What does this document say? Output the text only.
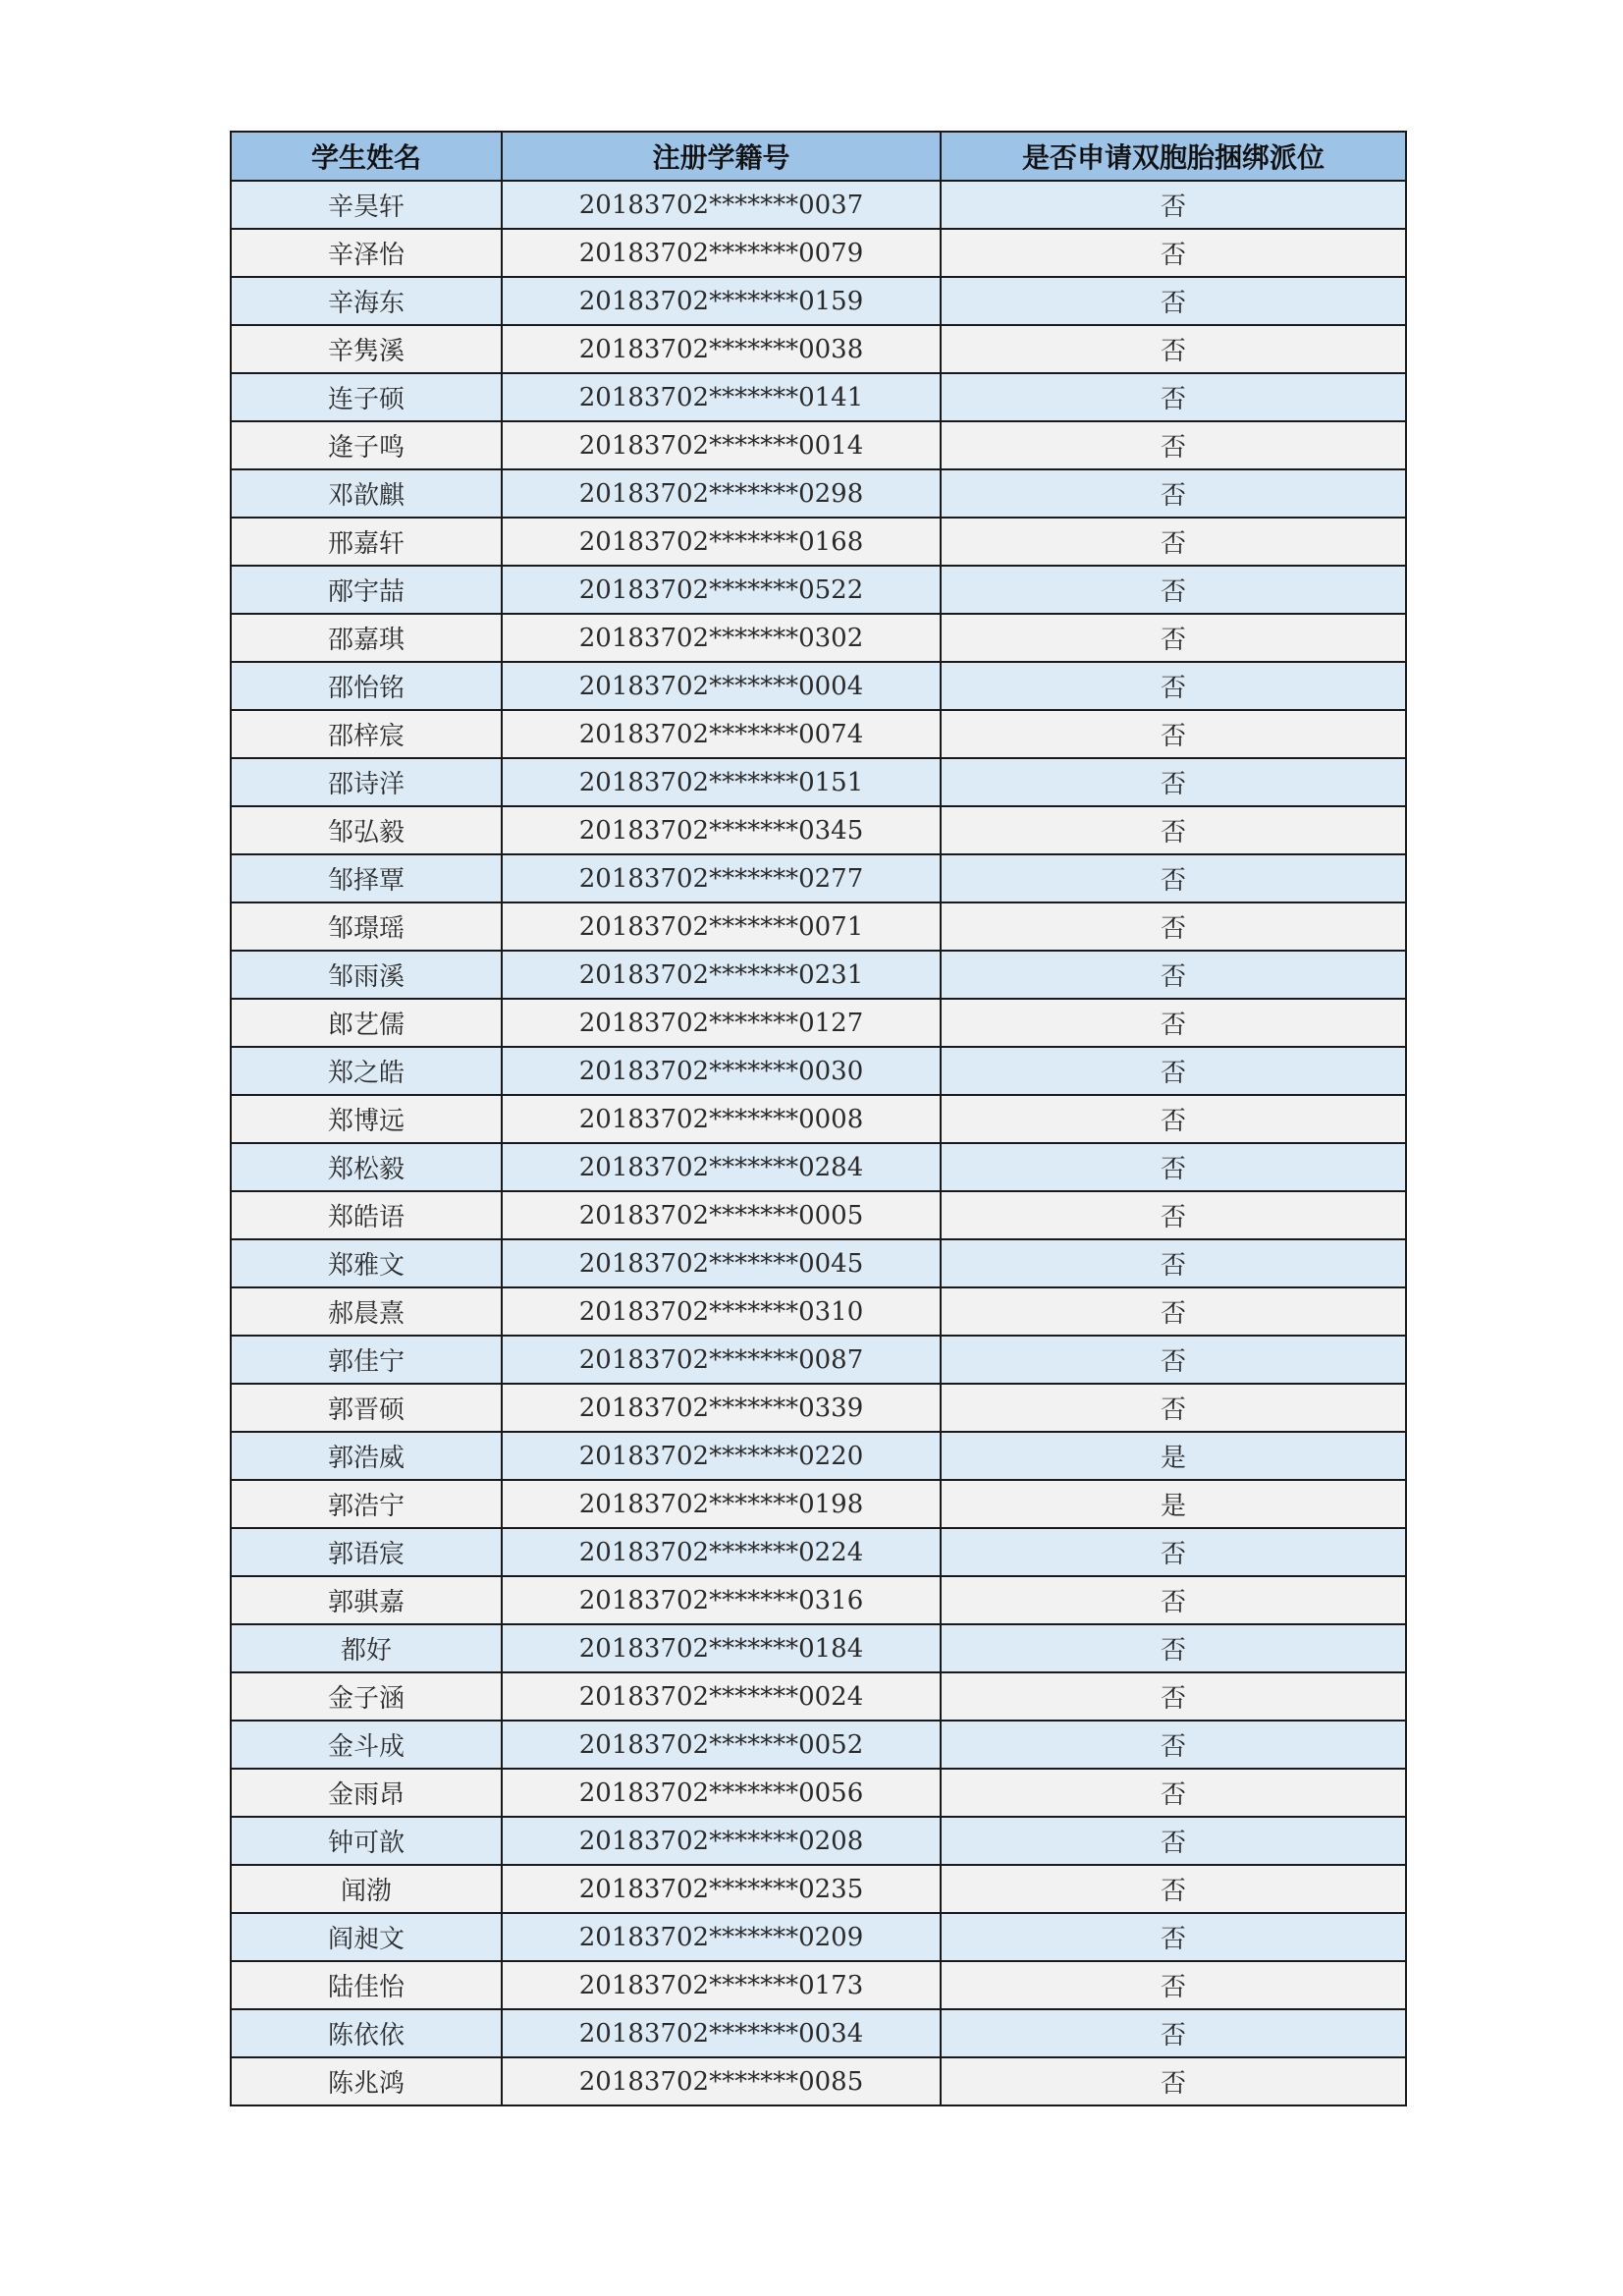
学生姓名	注册学籍号	是否申请双胞胎捆绑派位
辛昊轩	20183702*******0037	否
辛泽怡	20183702*******0079	否
辛海东	20183702*******0159	否
辛隽溪	20183702*******0038	否
连子硕	20183702*******0141	否
逄子鸣	20183702*******0014	否
邓歆麒	20183702*******0298	否
邢嘉轩	20183702*******0168	否
邴宇喆	20183702*******0522	否
邵嘉琪	20183702*******0302	否
邵怡铭	20183702*******0004	否
邵梓宸	20183702*******0074	否
邵诗洋	20183702*******0151	否
邹弘毅	20183702*******0345	否
邹择覃	20183702*******0277	否
邹璟瑶	20183702*******0071	否
邹雨溪	20183702*******0231	否
郎艺儒	20183702*******0127	否
郑之皓	20183702*******0030	否
郑博远	20183702*******0008	否
郑松毅	20183702*******0284	否
郑皓语	20183702*******0005	否
郑雅文	20183702*******0045	否
郝晨熹	20183702*******0310	否
郭佳宁	20183702*******0087	否
郭晋硕	20183702*******0339	否
郭浩威	20183702*******0220	是
郭浩宁	20183702*******0198	是
郭语宸	20183702*******0224	否
郭骐嘉	20183702*******0316	否
都好	20183702*******0184	否
金子涵	20183702*******0024	否
金斗成	20183702*******0052	否
金雨昂	20183702*******0056	否
钟可歆	20183702*******0208	否
闻渤	20183702*******0235	否
阎昶文	20183702*******0209	否
陆佳怡	20183702*******0173	否
陈依依	20183702*******0034	否
陈兆鸿	20183702*******0085	否
